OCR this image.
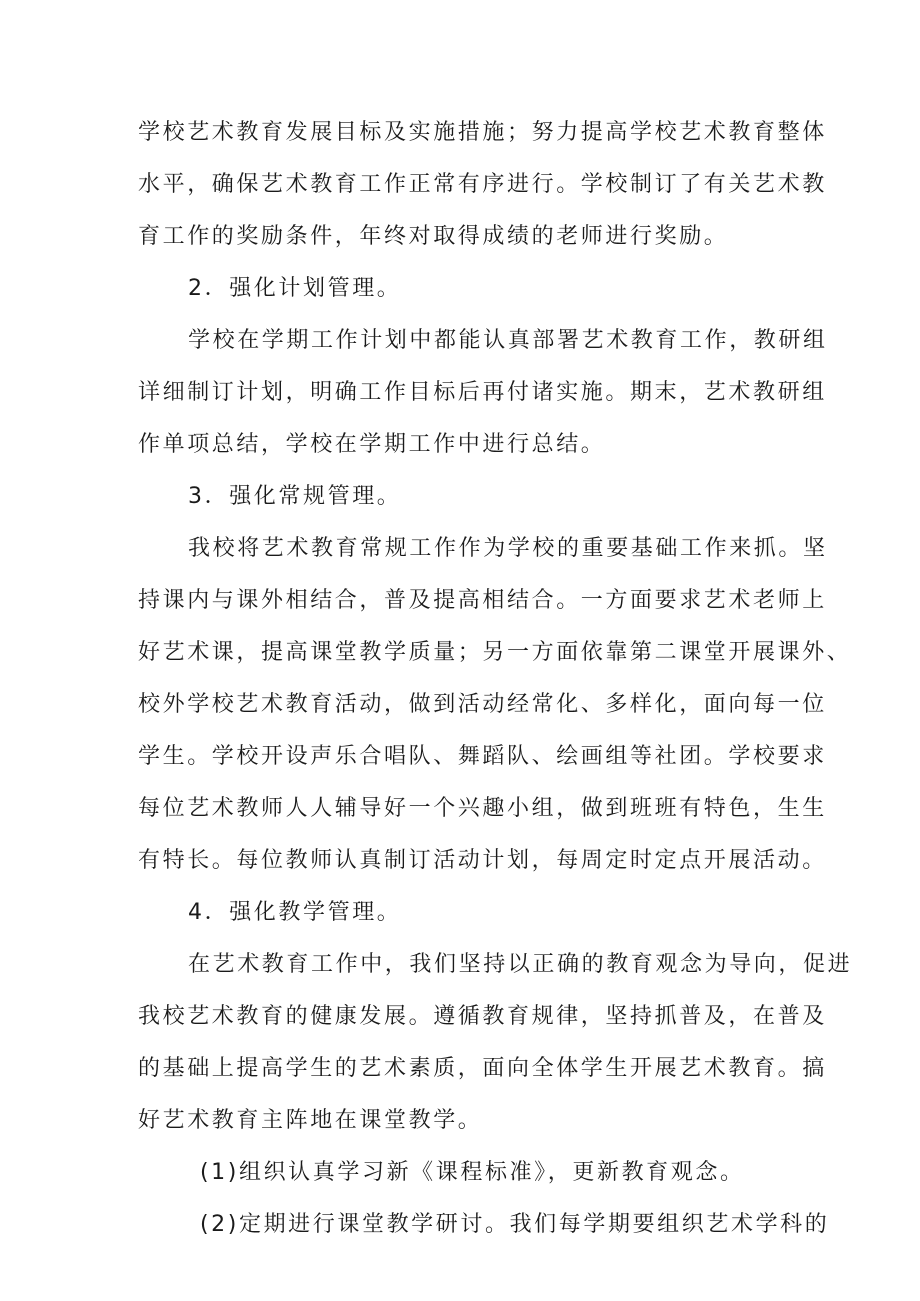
学校艺术教育发展目标及实施措施；努力提高学校艺术教育整体
水平，确保艺术教育工作正常有序进行。学校制订了有关艺术教
育工作的奖励条件，年终对取得成绩的老师进行奖励。
2．强化计划管理。
学校在学期工作计划中都能认真部署艺术教育工作，教研组
详细制订计划，明确工作目标后再付诸实施。期末，艺术教研组
作单项总结，学校在学期工作中进行总结。
3．强化常规管理。
我校将艺术教育常规工作作为学校的重要基础工作来抓。坚
持课内与课外相结合，普及提高相结合。一方面要求艺术老师上
好艺术课，提高课堂教学质量；另一方面依靠第二课堂开展课外、
校外学校艺术教育活动，做到活动经常化、多样化，面向每一位
学生。学校开设声乐合唱队、舞蹈队、绘画组等社团。学校要求
每位艺术教师人人辅导好一个兴趣小组，做到班班有特色，生生
有特长。每位教师认真制订活动计划，每周定时定点开展活动。
4．强化教学管理。
在艺术教育工作中，我们坚持以正确的教育观念为导向，促进
我校艺术教育的健康发展。遵循教育规律，坚持抓普及，在普及
的基础上提高学生的艺术素质，面向全体学生开展艺术教育。搞
好艺术教育主阵地在课堂教学。
(1)组织认真学习新《课程标准》，更新教育观念。
(2)定期进行课堂教学研讨。我们每学期要组织艺术学科的
